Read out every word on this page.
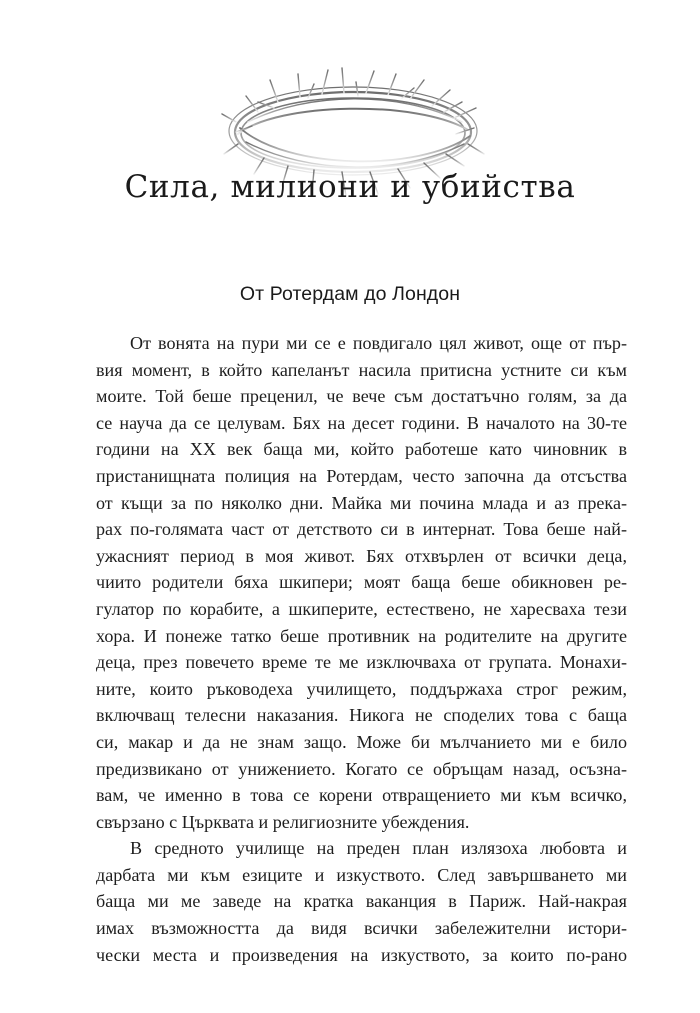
Сила, милиони и убийства
От Ротердам до Лондон
От вонята на пури ми се е повдигало цял живот, още от пър-
вия момент, в който капеланът насила притисна устните си към
моите. Той беше преценил, че вече съм достатъчно голям, за да
се науча да се целувам. Бях на десет години. В началото на 30-те
години на ХХ век баща ми, който работеше като чиновник в
пристанищната полиция на Ротердам, често започна да отсъства
от къщи за по няколко дни. Майка ми почина млада и аз прека-
рах по-голямата част от детството си в интернат. Това беше най-
ужасният период в моя живот. Бях отхвърлен от всички деца,
чиито родители бяха шкипери; моят баща беше обикновен ре-
гулатор по корабите, а шкиперите, естествено, не харесваха тези
хора. И понеже татко беше противник на родителите на другите
деца, през повечето време те ме изключваха от групата. Монахи-
ните, които ръководеха училището, поддържаха строг режим,
включващ телесни наказания. Никога не споделих това с баща
си, макар и да не знам защо. Може би мълчанието ми е било
предизвикано от унижението. Когато се обръщам назад, осъзна-
вам, че именно в това се корени отвращението ми към всичко,
свързано с Църквата и религиозните убеждения.
В средното училище на преден план излязоха любовта и
дарбата ми към езиците и изкуството. След завършването ми
баща ми ме заведе на кратка ваканция в Париж. Най-накрая
имах възможността да видя всички забележителни истори-
чески места и произведения на изкуството, за които по-рано
